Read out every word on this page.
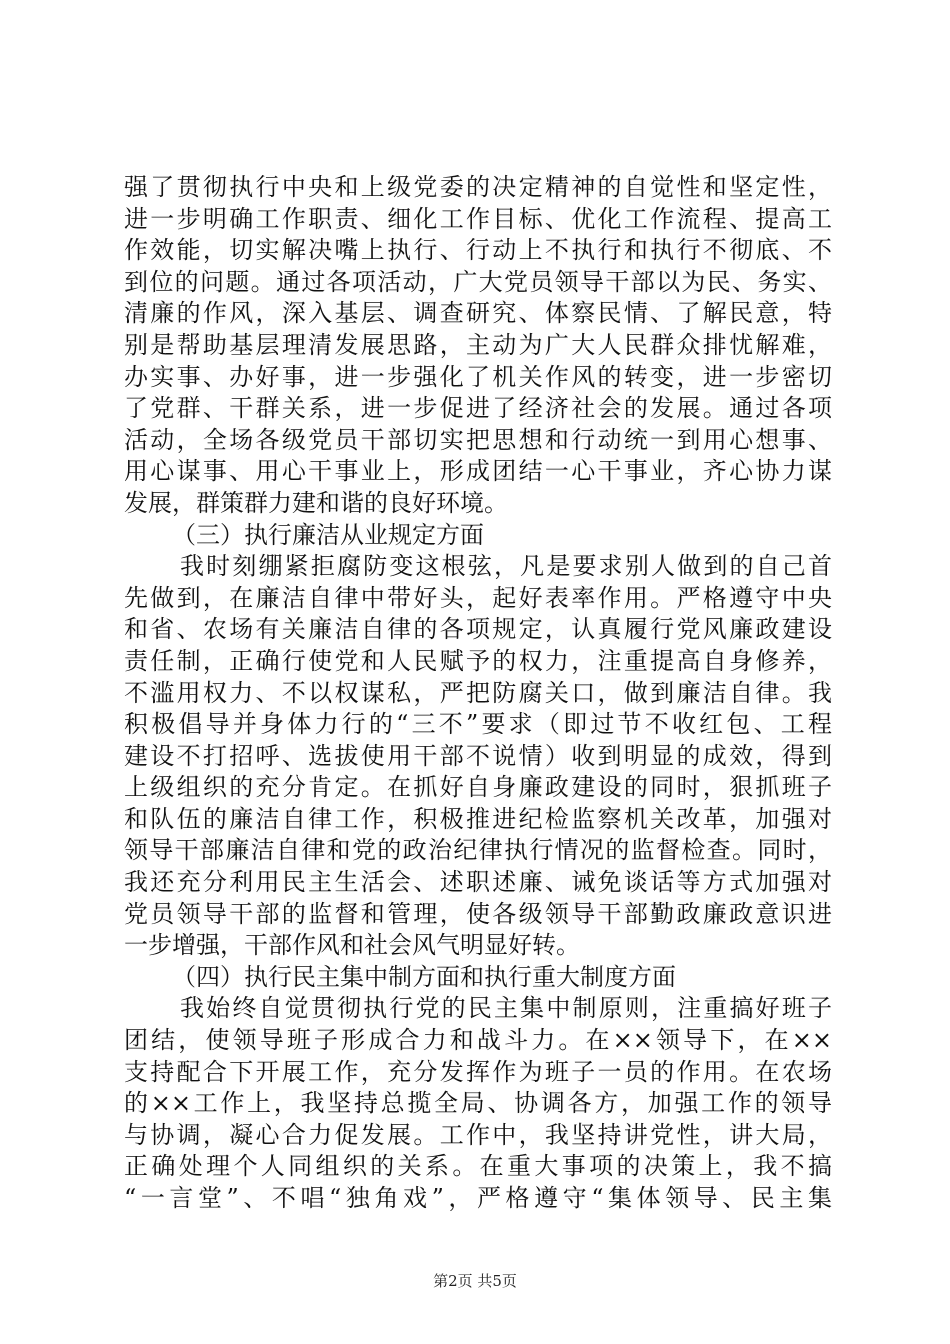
强了贯彻执行中央和上级党委的决定精神的自觉性和坚定性，
进一步明确工作职责、细化工作目标、优化工作流程、提高工
作效能，切实解决嘴上执行、行动上不执行和执行不彻底、不
到位的问题。通过各项活动，广大党员领导干部以为民、务实、
清廉的作风，深入基层、调查研究、体察民情、了解民意，特
别是帮助基层理清发展思路，主动为广大人民群众排忧解难，
办实事、办好事，进一步强化了机关作风的转变，进一步密切
了党群、干群关系，进一步促进了经济社会的发展。通过各项
活动，全场各级党员干部切实把思想和行动统一到用心想事、
用心谋事、用心干事业上，形成团结一心干事业，齐心协力谋
发展，群策群力建和谐的良好环境。
（三）执行廉洁从业规定方面
我时刻绷紧拒腐防变这根弦，凡是要求别人做到的自己首
先做到，在廉洁自律中带好头，起好表率作用。严格遵守中央
和省、农场有关廉洁自律的各项规定，认真履行党风廉政建设
责任制，正确行使党和人民赋予的权力，注重提高自身修养，
不滥用权力、不以权谋私，严把防腐关口，做到廉洁自律。我
积极倡导并身体力行的“三不”要求（即过节不收红包、工程
建设不打招呼、选拔使用干部不说情）收到明显的成效，得到
上级组织的充分肯定。在抓好自身廉政建设的同时，狠抓班子
和队伍的廉洁自律工作，积极推进纪检监察机关改革，加强对
领导干部廉洁自律和党的政治纪律执行情况的监督检查。同时，
我还充分利用民主生活会、述职述廉、诫免谈话等方式加强对
党员领导干部的监督和管理，使各级领导干部勤政廉政意识进
一步增强，干部作风和社会风气明显好转。
（四）执行民主集中制方面和执行重大制度方面
我始终自觉贯彻执行党的民主集中制原则，注重搞好班子
团结，使领导班子形成合力和战斗力。在××领导下，在××
支持配合下开展工作，充分发挥作为班子一员的作用。在农场
的××工作上，我坚持总揽全局、协调各方，加强工作的领导
与协调，凝心合力促发展。工作中，我坚持讲党性，讲大局，
正确处理个人同组织的关系。在重大事项的决策上，我不搞
“一言堂”、不唱“独角戏”，严格遵守“集体领导、民主集
第2页 共5页
